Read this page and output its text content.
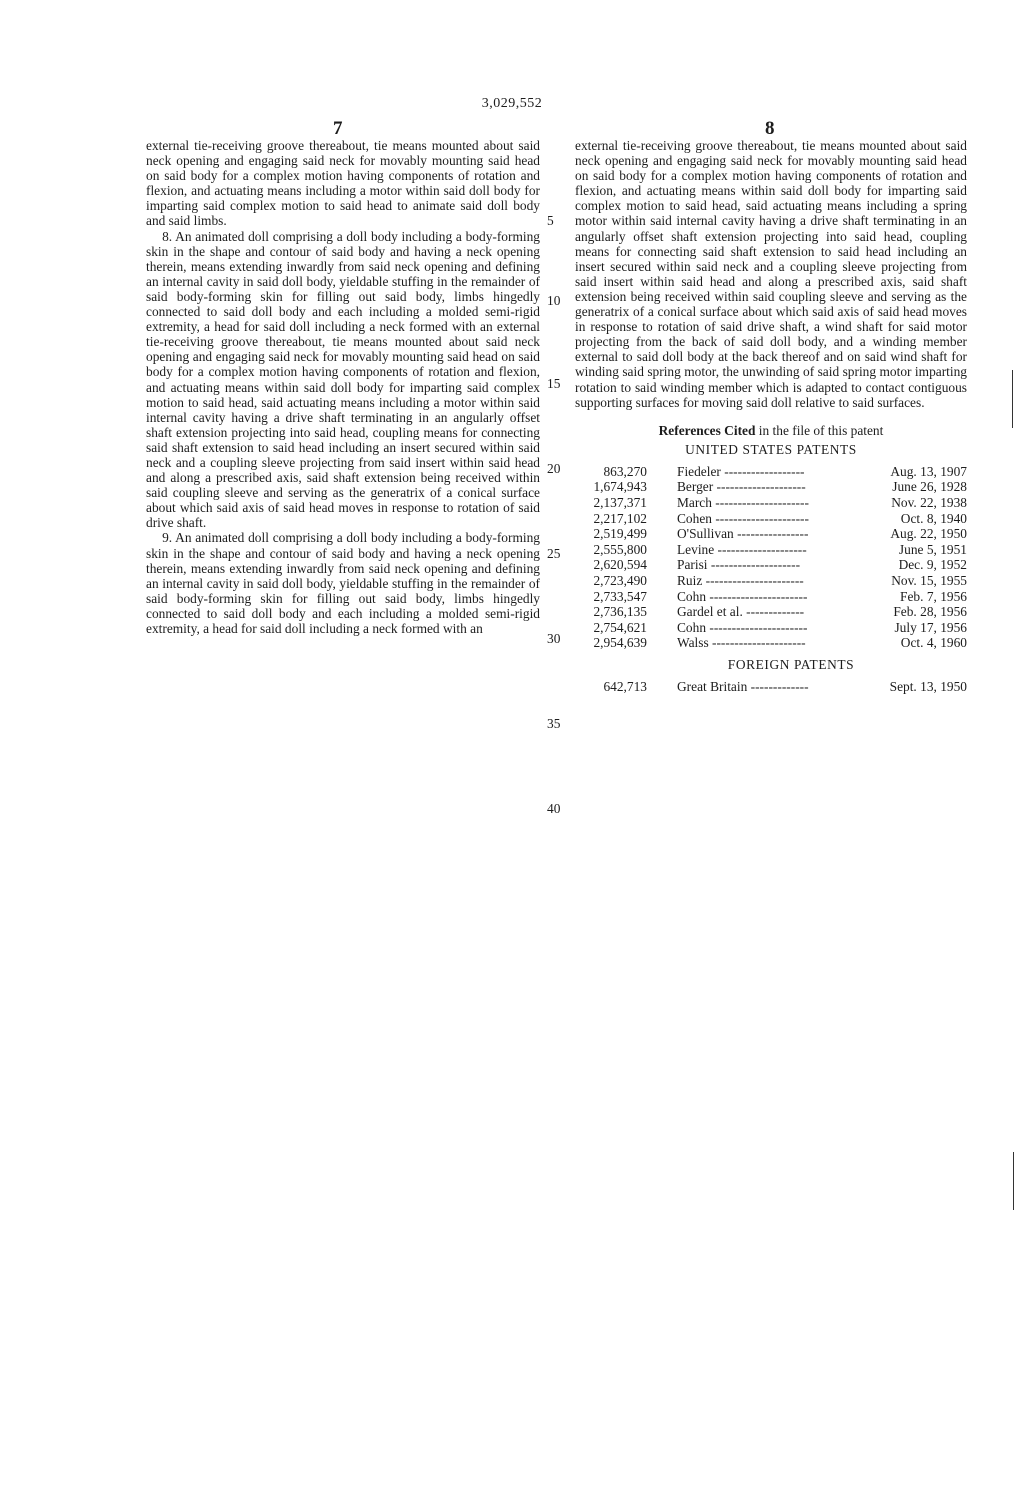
3,029,552
7	8

external tie-receiving groove thereabout, tie means mounted about said neck opening and engaging said neck for movably mounting said head on said body for a complex motion having components of rotation and flexion, and actuating means including a motor within said doll body for imparting said complex motion to said head to animate said doll body and said limbs.

8. An animated doll comprising a doll body including a body-forming skin in the shape and contour of said body and having a neck opening therein, means extending inwardly from said neck opening and defining an internal cavity in said doll body, yieldable stuffing in the remainder of said body-forming skin for filling out said body, limbs hingedly connected to said doll body and each including a molded semi-rigid extremity, a head for said doll including a neck formed with an external tie-receiving groove thereabout, tie means mounted about said neck opening and engaging said neck for movably mounting said head on said body for a complex motion having components of rotation and flexion, and actuating means within said doll body for imparting said complex motion to said head, said actuating means including a motor within said internal cavity having a drive shaft terminating in an angularly offset shaft extension projecting into said head, coupling means for connecting said shaft extension to said head including an insert secured within said neck and a coupling sleeve projecting from said insert within said head and along a prescribed axis, said shaft extension being received within said coupling sleeve and serving as the generatrix of a conical surface about which said axis of said head moves in response to rotation of said drive shaft.

9. An animated doll comprising a doll body including a body-forming skin in the shape and contour of said body and having a neck opening therein, means extending inwardly from said neck opening and defining an internal cavity in said doll body, yieldable stuffing in the remainder of said body-forming skin for filling out said body, limbs hingedly connected to said doll body and each including a molded semi-rigid extremity, a head for said doll including a neck formed with an

5
10
15
20
25
30
35
40

external tie-receiving groove thereabout, tie means mounted about said neck opening and engaging said neck for movably mounting said head on said body for a complex motion having components of rotation and flexion, and actuating means within said doll body for imparting said complex motion to said head, said actuating means including a spring motor within said internal cavity having a drive shaft terminating in an angularly offset shaft extension projecting into said head, coupling means for connecting said shaft extension to said head including an insert secured within said neck and a coupling sleeve projecting from said insert within said head and along a prescribed axis, said shaft extension being received within said coupling sleeve and serving as the generatrix of a conical surface about which said axis of said head moves in response to rotation of said drive shaft, a wind shaft for said motor projecting from the back of said doll body, and a winding member external to said doll body at the back thereof and on said wind shaft for winding said spring motor, the unwinding of said spring motor imparting rotation to said winding member which is adapted to contact contiguous supporting surfaces for moving said doll relative to said surfaces.

References Cited in the file of this patent
UNITED STATES PATENTS
863,270	Fiedeler ------------------	Aug. 13, 1907
1,674,943	Berger --------------------	June 26, 1928
2,137,371	March ---------------------	Nov. 22, 1938
2,217,102	Cohen ---------------------	Oct. 8, 1940
2,519,499	O'Sullivan ----------------	Aug. 22, 1950
2,555,800	Levine --------------------	June 5, 1951
2,620,594	Parisi --------------------	Dec. 9, 1952
2,723,490	Ruiz ----------------------	Nov. 15, 1955
2,733,547	Cohn ----------------------	Feb. 7, 1956
2,736,135	Gardel et al. -------------	Feb. 28, 1956
2,754,621	Cohn ----------------------	July 17, 1956
2,954,639	Walss ---------------------	Oct. 4, 1960
FOREIGN PATENTS
642,713	Great Britain -------------	Sept. 13, 1950
